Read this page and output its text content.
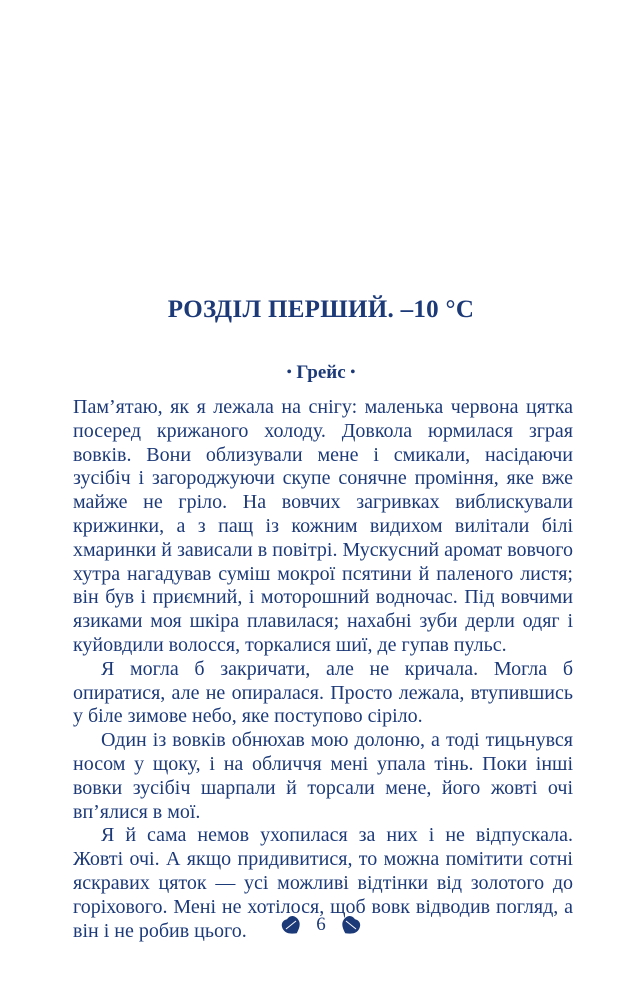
РОЗДІЛ ПЕРШИЙ. –10 °C
• Грейс •

Пам’ятаю, як я лежала на снігу: маленька червона цятка посеред крижаного холоду. Довкола юрмилася зграя вовків. Вони облизували мене і смикали, насідаючи зусібіч і загороджуючи скупе сонячне проміння, яке вже майже не гріло. На вовчих загривках виблискували крижинки, а з пащ із кожним видихом вилітали білі хмаринки й зависали в повітрі. Мускусний аромат вовчого хутра нагадував суміш мокрої псятини й паленого листя; він був і приємний, і моторошний водночас. Під вовчими язиками моя шкіра плавилася; нахабні зуби дерли одяг і куйовдили волосся, торкалися шиї, де гупав пульс.

Я могла б закричати, але не кричала. Могла б опиратися, але не опиралася. Просто лежала, втупившись у біле зимове небо, яке поступово сіріло.

Один із вовків обнюхав мою долоню, а тоді тицьнувся носом у щоку, і на обличчя мені упала тінь. Поки інші вовки зусібіч шарпали й торсали мене, його жовті очі вп’ялися в мої.

Я й сама немов ухопилася за них і не відпускала. Жовті очі. А якщо придивитися, то можна помітити сотні яскравих цяток — усі можливі відтінки від золотого до горіхового. Мені не хотілося, щоб вовк відводив погляд, а він і не робив цього.	6
